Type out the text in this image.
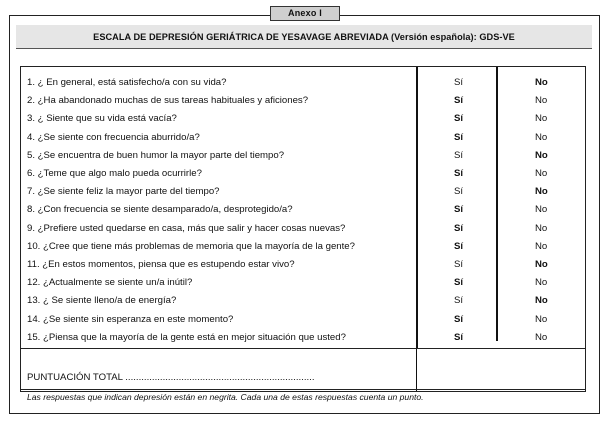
Anexo I
ESCALA DE DEPRESIÓN GERIÁTRICA DE YESAVAGE ABREVIADA (Versión española): GDS-VE
1. ¿ En general, está satisfecho/a con su vida?	Sí	No
2. ¿Ha abandonado muchas de sus tareas habituales y aficiones?	Sí	No
3. ¿ Siente que su vida está vacía?	Sí	No
4. ¿Se siente con frecuencia aburrido/a?	Sí	No
5. ¿Se encuentra de buen humor la mayor parte del tiempo?	Sí	No
6. ¿Teme que algo malo pueda ocurrirle?	Sí	No
7. ¿Se siente feliz la mayor parte del tiempo?	Sí	No
8. ¿Con frecuencia se siente desamparado/a, desprotegido/a?	Sí	No
9. ¿Prefiere usted quedarse en casa, más que salir y hacer cosas nuevas?	Sí	No
10. ¿Cree que tiene más problemas de memoria que la mayoría de la gente?	Sí	No
11. ¿En estos momentos, piensa que es estupendo estar vivo?	Sí	No
12. ¿Actualmente se siente un/a inútil?	Sí	No
13. ¿ Se siente lleno/a de energía?	Sí	No
14. ¿Se siente sin esperanza en este momento?	Sí	No
15. ¿Piensa que la mayoría de la gente está en mejor situación que usted?	Sí	No
PUNTUACIÓN TOTAL .......................................................................
Las respuestas que indican depresión están en negrita. Cada una de estas respuestas cuenta un punto.
